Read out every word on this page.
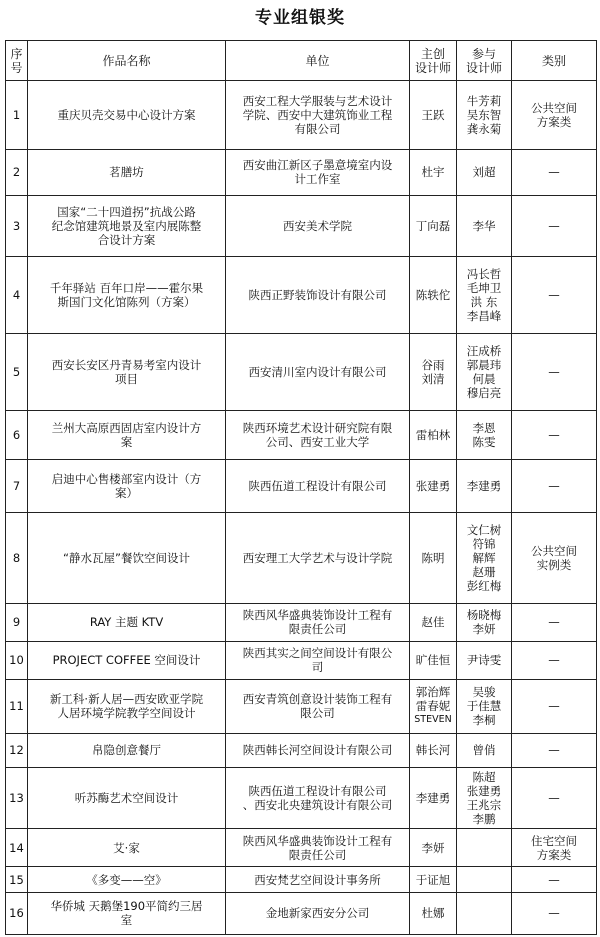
专业组银奖
序
号	作品名称	单位	主创
设计师	参与
设计师	类别
1	重庆贝壳交易中心设计方案	西安工程大学服装与艺术设计
学院、西安中大建筑饰业工程
有限公司	王跃	牛芳莉
吴东智
龚永菊	公共空间
方案类

2	茗膳坊	西安曲江新区子墨意境室内设
计工作室	杜宇	刘超	—

3	国家“二十四道拐”抗战公路
纪念馆建筑地景及室内展陈整
合设计方案	西安美术学院	丁向磊	李华	—

4	千年驿站 百年口岸——霍尔果
斯国门文化馆陈列（方案）	陕西正野装饰设计有限公司	陈轶佗	冯长哲
毛坤卫
洪 东
李昌峰	—

5	西安长安区丹青易考室内设计
项目	西安清川室内设计有限公司	谷雨
刘清	汪成桥
郭晨玮
何晨
穆启亮	—

6	兰州大高原西固店室内设计方
案	陕西环境艺术设计研究院有限
公司、西安工业大学	雷柏林	李恩
陈雯	—

7	启迪中心售楼部室内设计（方
案）	陕西伍道工程设计有限公司	张建勇	李建勇	—

8	“静水瓦屋”餐饮空间设计	西安理工大学艺术与设计学院	陈明	文仁树
符锦
解辉
赵珊
彭红梅	公共空间
实例类

9	RAY 主题 KTV	陕西风华盛典装饰设计工程有
限责任公司	赵佳	杨晓梅
李妍	—

10	PROJECT COFFEE 空间设计	陕西其实之间空间设计有限公
司	旷佳恒	尹诗雯	—

11	新工科·新人居—西安欧亚学院
人居环境学院教学空间设计	西安青筑创意设计装饰工程有
限公司	郭治辉
雷春妮
STEVEN	吴骏
于佳慧
李桐	—

12	帛隐创意餐厅	陕西韩长河空间设计有限公司	韩长河	曾俏	—

13	听苏酶艺术空间设计	陕西伍道工程设计有限公司
、西安北央建筑设计有限公司	李建勇	陈超
张建勇
王兆宗
李鹏	—

14	艾·家	陕西风华盛典装饰设计工程有
限责任公司	李妍		住宅空间
方案类

15	《多变——空》	西安梵艺空间设计事务所	于证旭		—

16	华侨城 天鹅堡190平简约三居
室	金地新家西安分公司	杜娜		—
